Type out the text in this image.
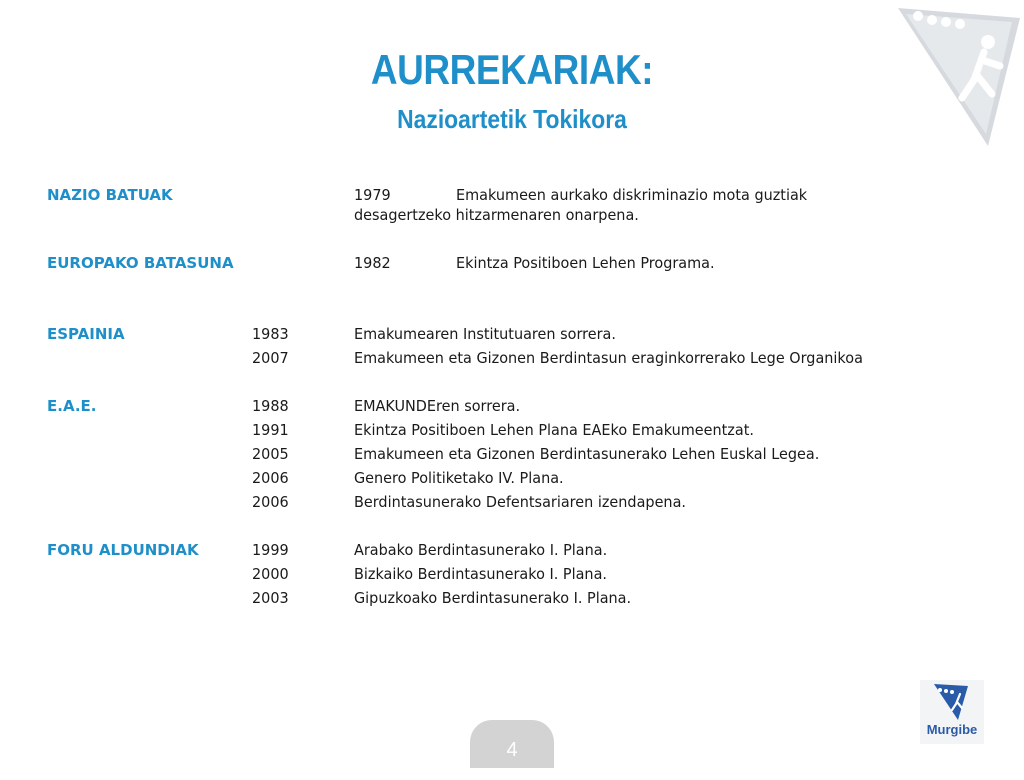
AURREKARIAK:
Nazioartetik Tokikora
NAZIO BATUAK	1979	Emakumeen aurkako diskriminazio mota guztiak
desagertzeko hitzarmenaren onarpena.
EUROPAKO BATASUNA	1982	Ekintza Positiboen Lehen Programa.
ESPAINIA	1983	Emakumearen Institutuaren sorrera.
2007	Emakumeen eta Gizonen Berdintasun eraginkorrerako Lege Organikoa
E.A.E.	1988	EMAKUNDEren sorrera.
1991	Ekintza Positiboen Lehen Plana EAEko Emakumeentzat.
2005	Emakumeen eta Gizonen Berdintasunerako Lehen Euskal Legea.
2006	Genero Politiketako IV. Plana.
2006	Berdintasunerako Defentsariaren izendapena.
FORU ALDUNDIAK	1999	Arabako Berdintasunerako I. Plana.
2000	Bizkaiko Berdintasunerako I. Plana.
2003	Gipuzkoako Berdintasunerako I. Plana.
Murgibe
4
